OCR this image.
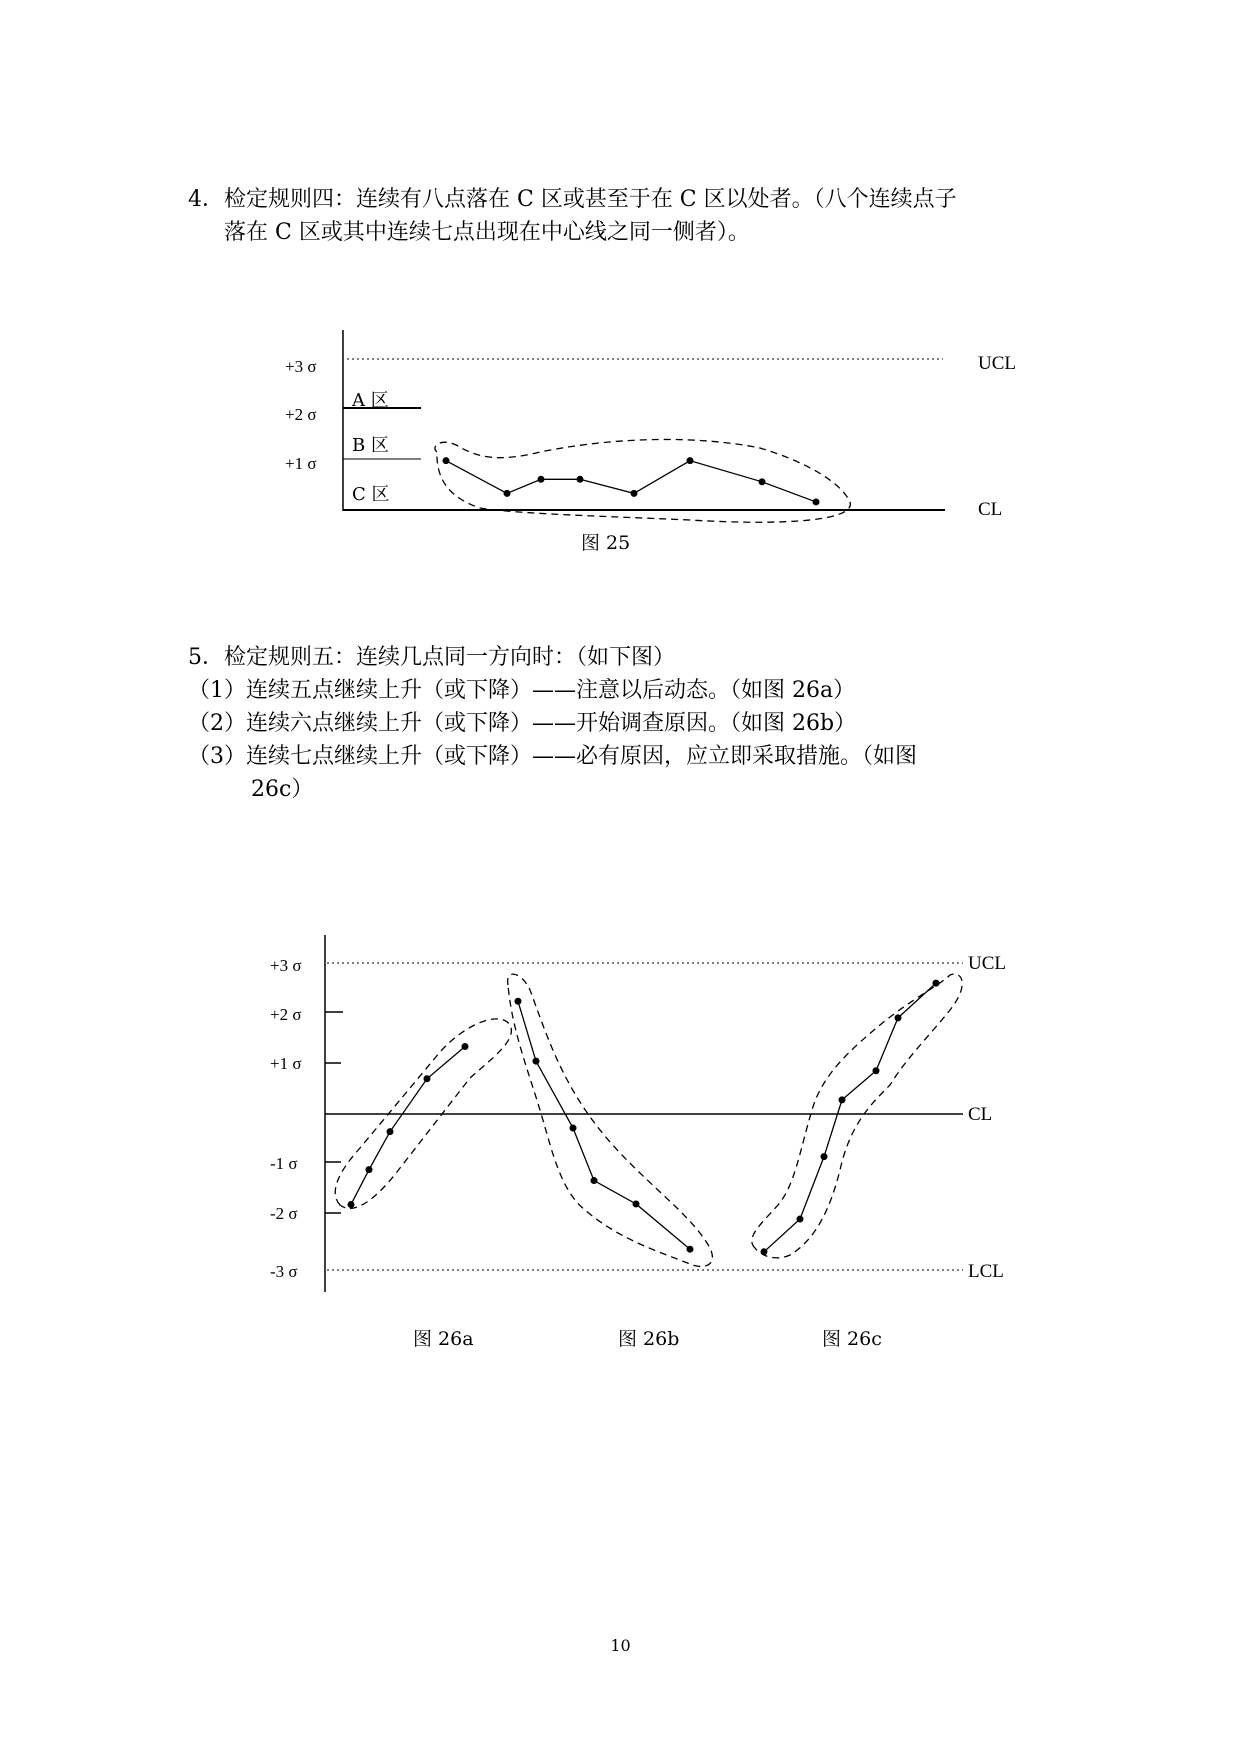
4．检定规则四：连续有八点落在 C 区或甚至于在 C 区以处者。（八个连续点子

落在 C 区或其中连续七点出现在中心线之同一侧者）。

+3 σ
+2 σ
+1 σ
A 区
B 区
C 区
UCL
CL
图 25

5．检定规则五：连续几点同一方向时：（如下图）

（1）连续五点继续上升（或下降）——注意以后动态。（如图 26a）

（2）连续六点继续上升（或下降）——开始调查原因。（如图 26b）

（3）连续七点继续上升（或下降）——必有原因，应立即采取措施。（如图

26c）

+3 σ
+2 σ
+1 σ
-1 σ
-2 σ
-3 σ
UCL
CL
LCL
图 26a	图 26b	图 26c
10
